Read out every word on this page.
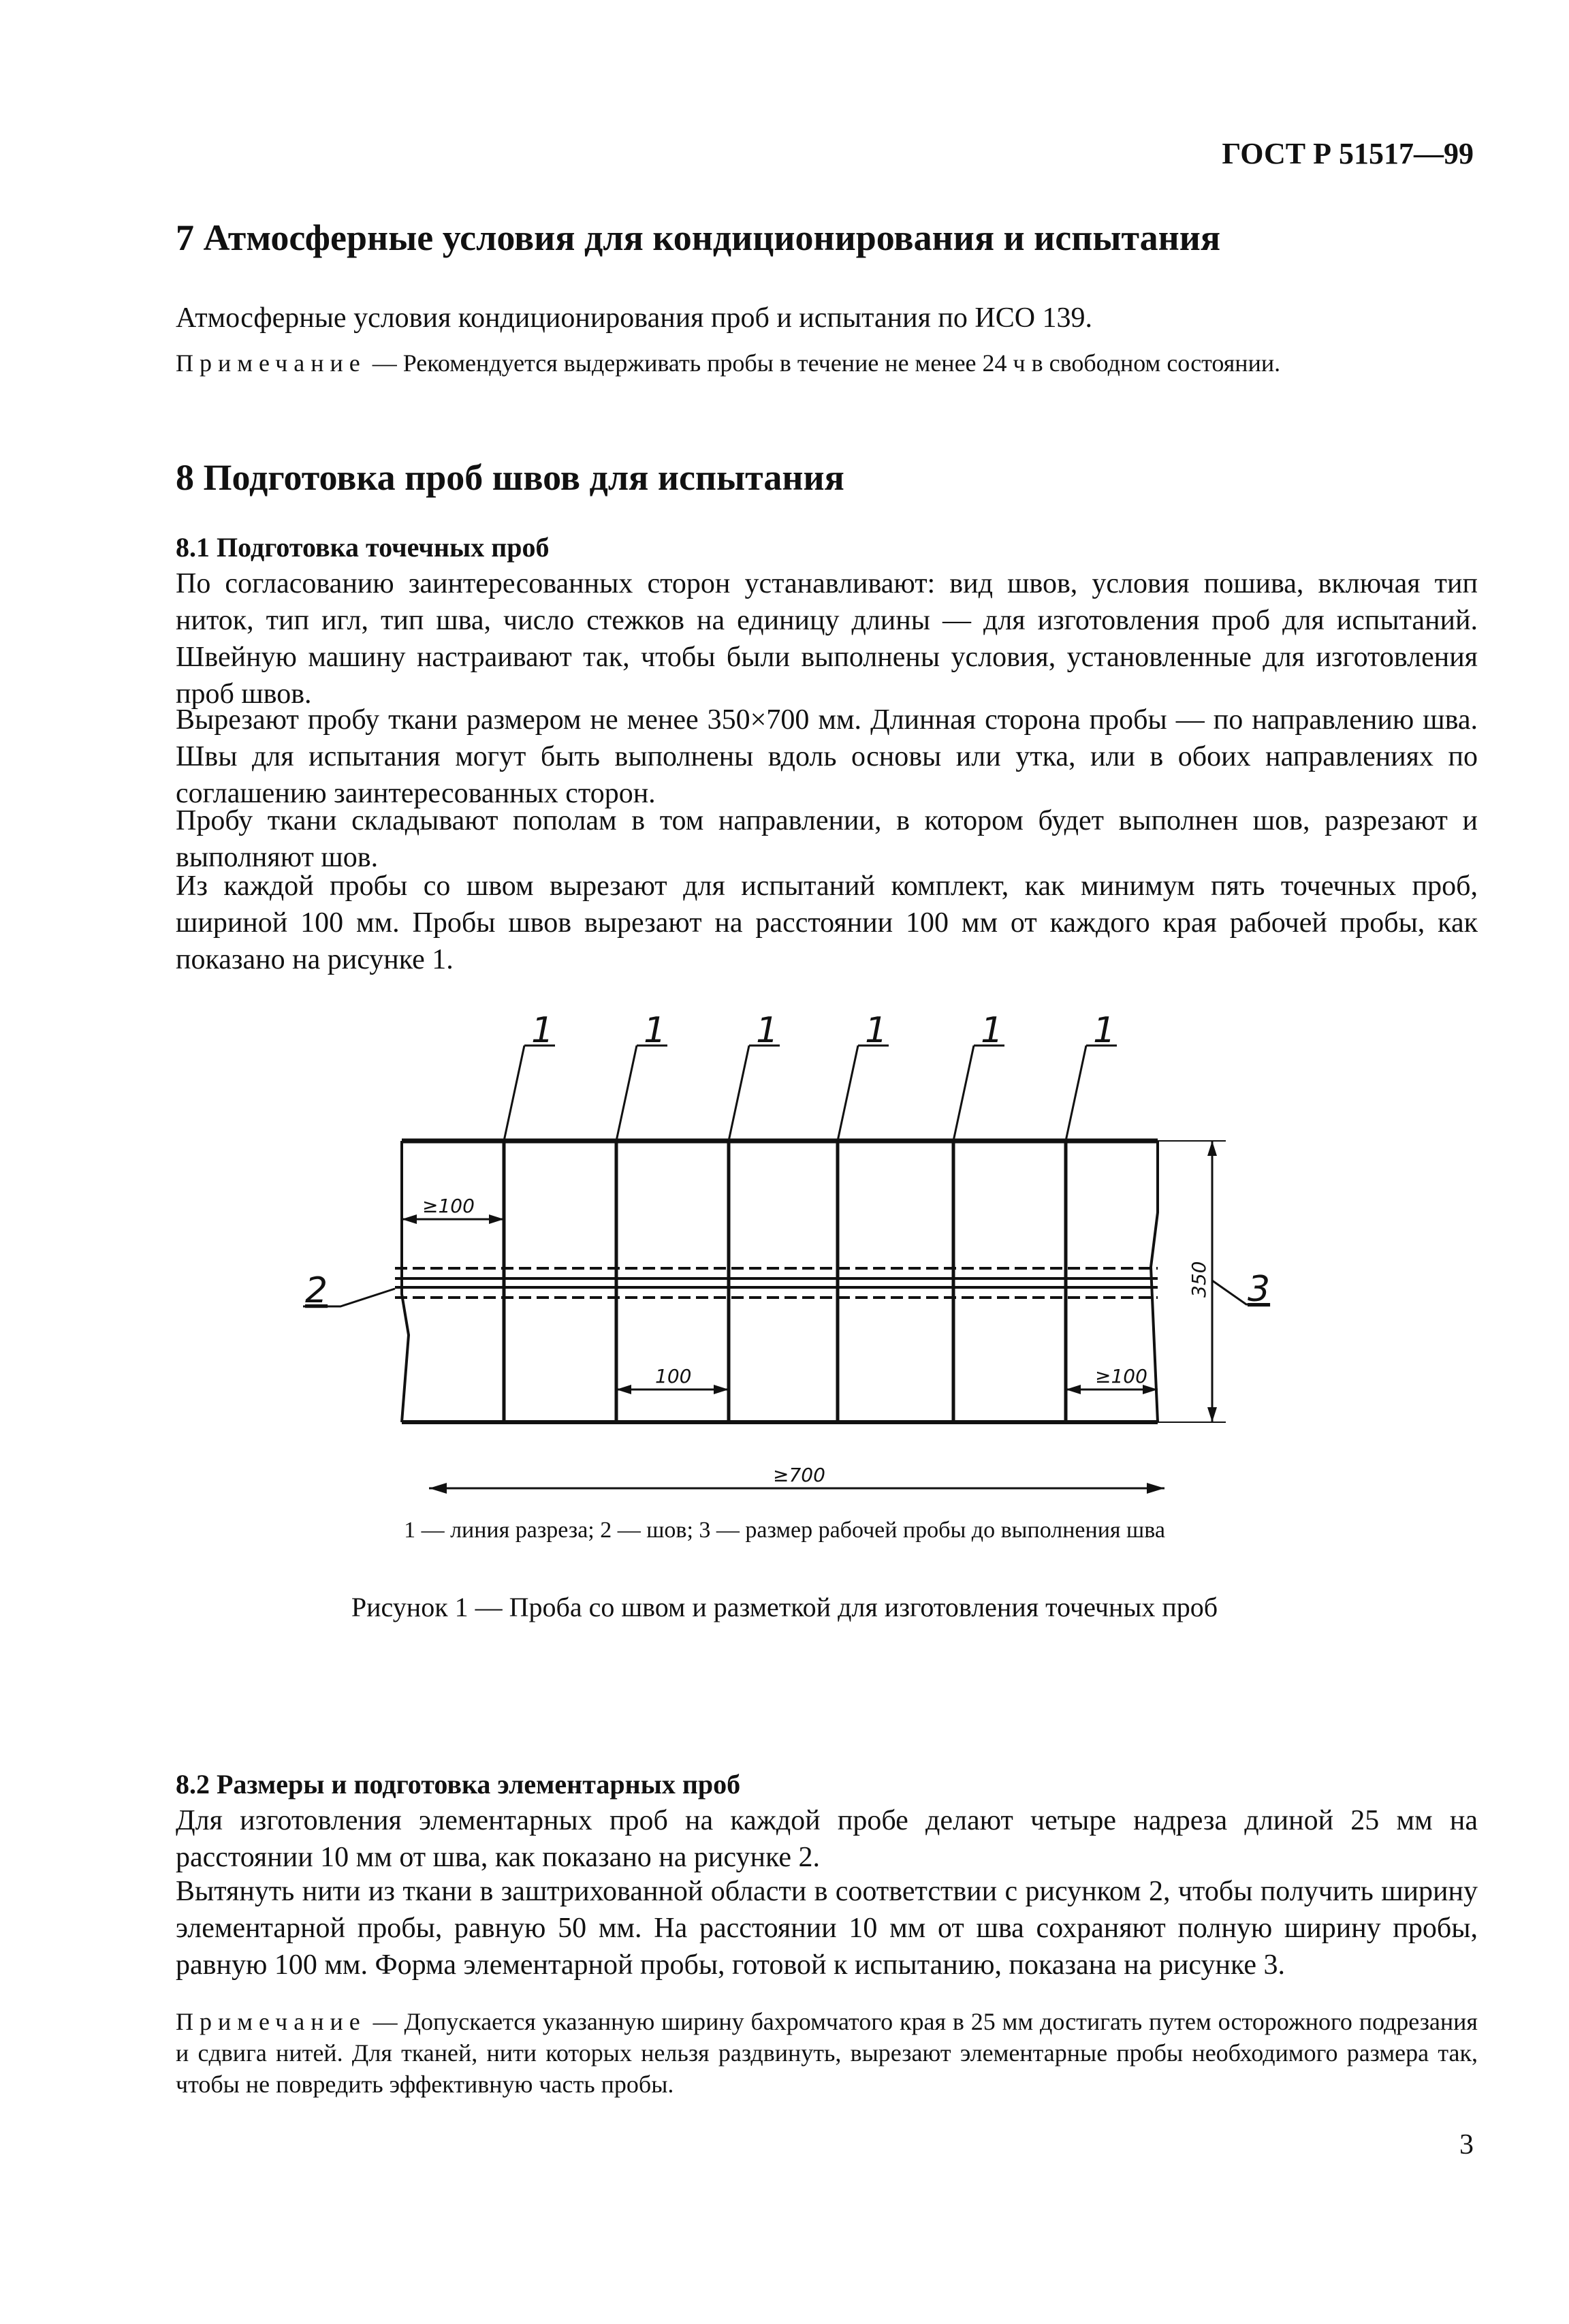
ГОСТ Р 51517—99
7 Атмосферные условия для кондиционирования и испытания

Атмосферные условия кондиционирования проб и испытания по ИСО 139.

Примечание — Рекомендуется выдерживать пробы в течение не менее 24 ч в свободном состоянии.

8 Подготовка проб швов для испытания
8.1 Подготовка точечных проб

По согласованию заинтересованных сторон устанавливают: вид швов, условия пошива, включая тип ниток, тип игл, тип шва, число стежков на единицу длины — для изготовления проб для испытаний. Швейную машину настраивают так, чтобы были выполнены условия, установленные для изготовления проб швов.

Вырезают пробу ткани размером не менее 350×700 мм. Длинная сторона пробы — по направлению шва. Швы для испытания могут быть выполнены вдоль основы или утка, или в обоих направлениях по соглашению заинтересованных сторон.

Пробу ткани складывают пополам в том направлении, в котором будет выполнен шов, разрезают и выполняют шов.

Из каждой пробы со швом вырезают для испытаний комплект, как минимум пять точечных проб, шириной 100 мм. Пробы швов вырезают на расстоянии 100 мм от каждого края рабочей пробы, как показано на рисунке 1.

1	1	1 1	1	1
2	3
≥100
100	≥100
350
≥700
1 — линия разреза; 2 — шов; 3 — размер рабочей пробы до выполнения шва
Рисунок 1 — Проба со швом и разметкой для изготовления точечных проб
8.2 Размеры и подготовка элементарных проб

Для изготовления элементарных проб на каждой пробе делают четыре надреза длиной 25 мм на расстоянии 10 мм от шва, как показано на рисунке 2.

Вытянуть нити из ткани в заштрихованной области в соответствии с рисунком 2, чтобы получить ширину элементарной пробы, равную 50 мм. На расстоянии 10 мм от шва сохраняют полную ширину пробы, равную 100 мм. Форма элементарной пробы, готовой к испытанию, показана на рисунке 3.

Примечание — Допускается указанную ширину бахромчатого края в 25 мм достигать путем осторожного подрезания и сдвига нитей. Для тканей, нити которых нельзя раздвинуть, вырезают элементарные пробы необходимого размера так, чтобы не повредить эффективную часть пробы.

3
